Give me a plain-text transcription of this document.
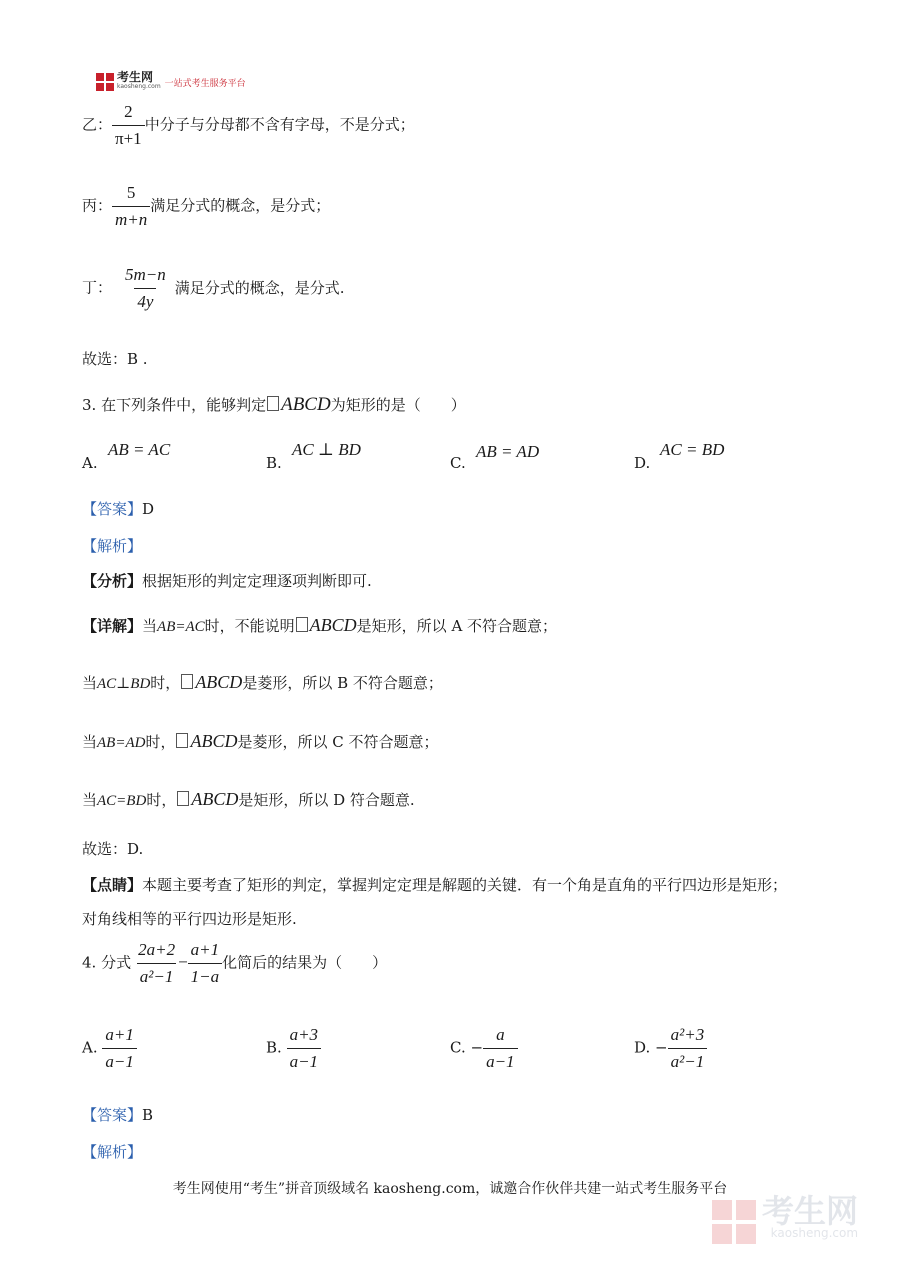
考生网
kaosheng.com 一站式考生服务平台
乙： $\frac{2}{\pi+1}$ 中分子与分母都不含有字母，不是分式；
丙： $\frac{5}{m+n}$ 满足分式的概念，是分式；
丁： $\frac{5m-n}{4y}$ 满足分式的概念，是分式.
故选：B .
3. 在下列条件中，能够判定 ABCD为矩形的是（　　）
A.
AB = AC
B.
AC ⊥ BD
C.
AB = AD
D.
AC = BD
【答案】D
【解析】
【分析】根据矩形的判定定理逐项判断即可.
【详解】当AB=AC时，不能说明 ABCD是矩形，所以 A 不符合题意；
当AC⊥BD时， ABCD是菱形，所以 B 不符合题意；
当AB=AD时， ABCD是菱形，所以 C 不符合题意；
当AC=BD时， ABCD是矩形，所以 D 符合题意.
故选：D.
【点睛】本题主要考查了矩形的判定，掌握判定定理是解题的关键．有一个角是直角的平行四边形是矩形；
对角线相等的平行四边形是矩形.
4. 分式 $\frac{2a+2}{\text{a²−1}} - \frac{a+1}{1-a}$ 化简后的结果为（　　）
A. $\frac{a+1}{a-1}$	B. $\frac{a+3}{a-1}$	C. − $\frac{a}{a-1}$	D. − $\frac{\text{a²+3}}{\text{a²−1}}$
【答案】B
【解析】
考生网使用“考生”拼音顶级域名 kaosheng.com，诚邀合作伙伴共建一站式考生服务平台
考生网
kaosheng.com
